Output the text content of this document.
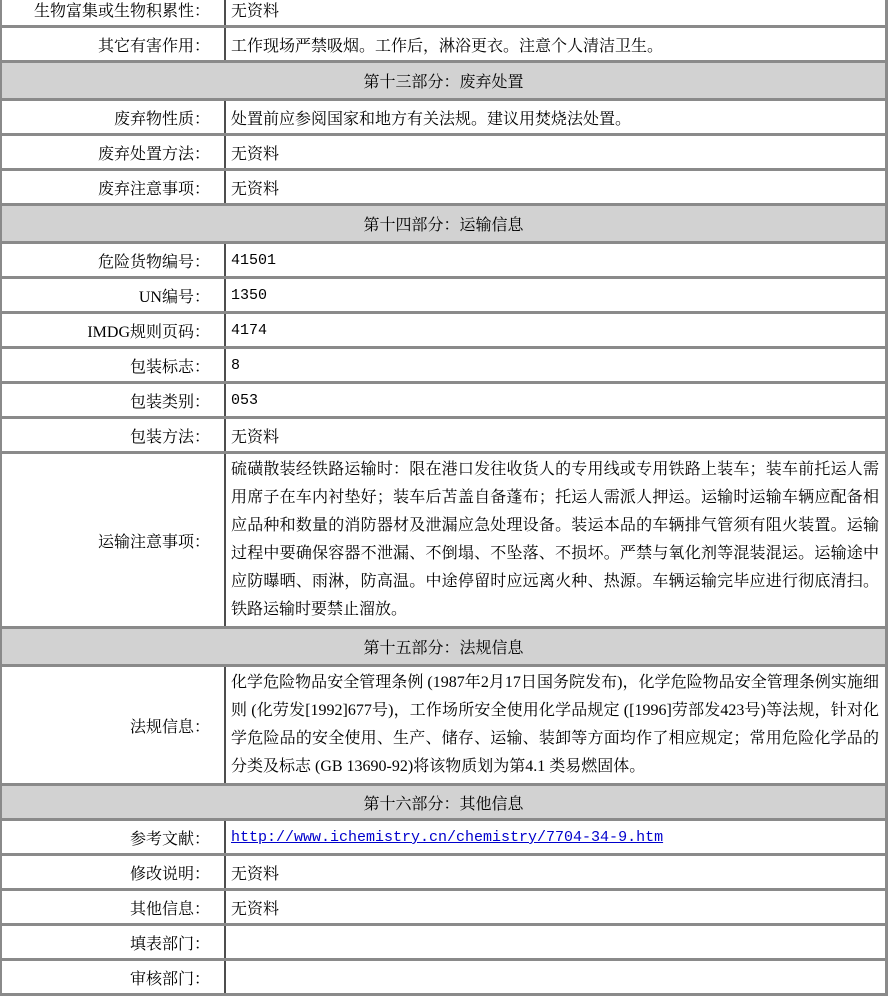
生物富集或生物积累性：	无资料
其它有害作用：	工作现场严禁吸烟。工作后，淋浴更衣。注意个人清洁卫生。
第十三部分：废弃处置	
废弃物性质：	处置前应参阅国家和地方有关法规。建议用焚烧法处置。
废弃处置方法：	无资料
废弃注意事项：	无资料
第十四部分：运输信息	
危险货物编号：	41501
UN编号：	1350
IMDG规则页码：	4174
包装标志：	8
包装类别：	053
包装方法：	无资料
运输注意事项：	硫磺散装经铁路运输时：限在港口发往收货人的专用线或专用铁路上装车；装车前托运人需用席子在车内衬垫好；装车后苫盖自备蓬布；托运人需派人押运。运输时运输车辆应配备相应品种和数量的消防器材及泄漏应急处理设备。装运本品的车辆排气管须有阻火装置。运输过程中要确保容器不泄漏、不倒塌、不坠落、不损坏。严禁与氧化剂等混装混运。运输途中应防曝晒、雨淋，防高温。中途停留时应远离火种、热源。车辆运输完毕应进行彻底清扫。铁路运输时要禁止溜放。
第十五部分：法规信息	
法规信息：	化学危险物品安全管理条例 (1987年2月17日国务院发布)，化学危险物品安全管理条例实施细则 (化劳发[1992]677号)，工作场所安全使用化学品规定 ([1996]劳部发423号)等法规，针对化学危险品的安全使用、生产、储存、运输、装卸等方面均作了相应规定；常用危险化学品的分类及标志 (GB 13690-92)将该物质划为第4.1 类易燃固体。
第十六部分：其他信息	
参考文献：	http://www.ichemistry.cn/chemistry/7704-34-9.htm
修改说明：	无资料
其他信息：	无资料
填表部门：	
审核部门：	
